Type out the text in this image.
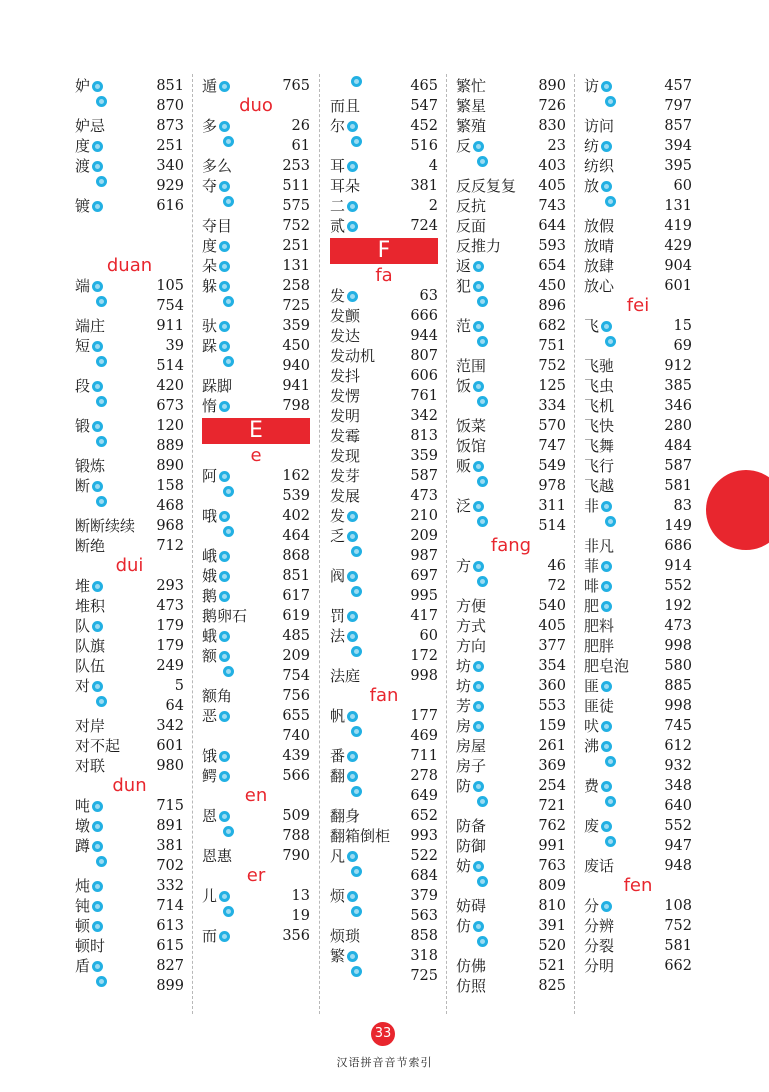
妒	851
870
妒忌	873
度	251
渡	340
929
镀	616
duan
端	105
754
端庄	911
短	39
514
段	420
673
锻	120
889
锻炼	890
断	158
468
断断续续 968
断绝	712
dui
堆	293
堆积	473
队	179
队旗	179
队伍	249
对	5
64
对岸	342
对不起	601
对联	980
dun
吨	715
墩	891
蹲	381
702
炖	332
钝	714
顿	613
顿时	615
盾	827
899
遁	765
duo
多	26
61
多么	253
夺	511
575
夺目	752
度	251
朵	131
躲	258
725
驮	359
跺	450
940
跺脚	941
惰	798
E
e
阿	162
539
哦	402
464
峨	868
娥	851
鹅	617
鹅卵石 619
蛾	485
额	209
754
额角	756
恶	655
740
饿	439
鳄	566
en
恩	509
788
恩惠	790
er
儿	13
19
而	356
465
而且	547
尔	452
516
耳	4
耳朵	381
二	2
贰	724
F
fa
发	63
发颤	666
发达	944
发动机 807
发抖	606
发愣	761
发明	342
发霉	813
发现	359
发芽	587
发展	473
发	210
乏	209
987
阀	697
995
罚	417
法	60
172
法庭	998
fan
帆	177
469
番	711
翻	278
649
翻身	652
翻箱倒柜 993
凡	522
684
烦	379
563
烦琐	858
繁	318
725
繁忙	890
繁星	726
繁殖	830
反	23
403
反反复复 405
反抗	743
反面	644
反推力	593
返	654
犯	450
896
范	682
751
范围	752
饭	125
334
饭菜	570
饭馆	747
贩	549
978
泛	311
514
fang
方	46
72
方便	540
方式	405
方向	377
坊	354
坊	360
芳	553
房	159
房屋	261
房子	369
防	254
721
防备	762
防御	991
妨	763
809
妨碍	810
仿	391
520
仿佛	521
仿照	825
访	457
797
访问	857
纺	394
纺织	395
放	60
131
放假	419
放晴	429
放肆	904
放心	601
fei
飞	15
69
飞驰	912
飞虫	385
飞机	346
飞快	280
飞舞	484
飞行	587
飞越	581
非	83
149
非凡	686
菲	914
啡	552
肥	192
肥料	473
肥胖	998
肥皂泡 580
匪	885
匪徒	998
吠	745
沸	612
932
费	348
640
废	552
947
废话	948
fen
分	108
分辨	752
分裂	581
分明	662
33
汉语拼音音节索引
